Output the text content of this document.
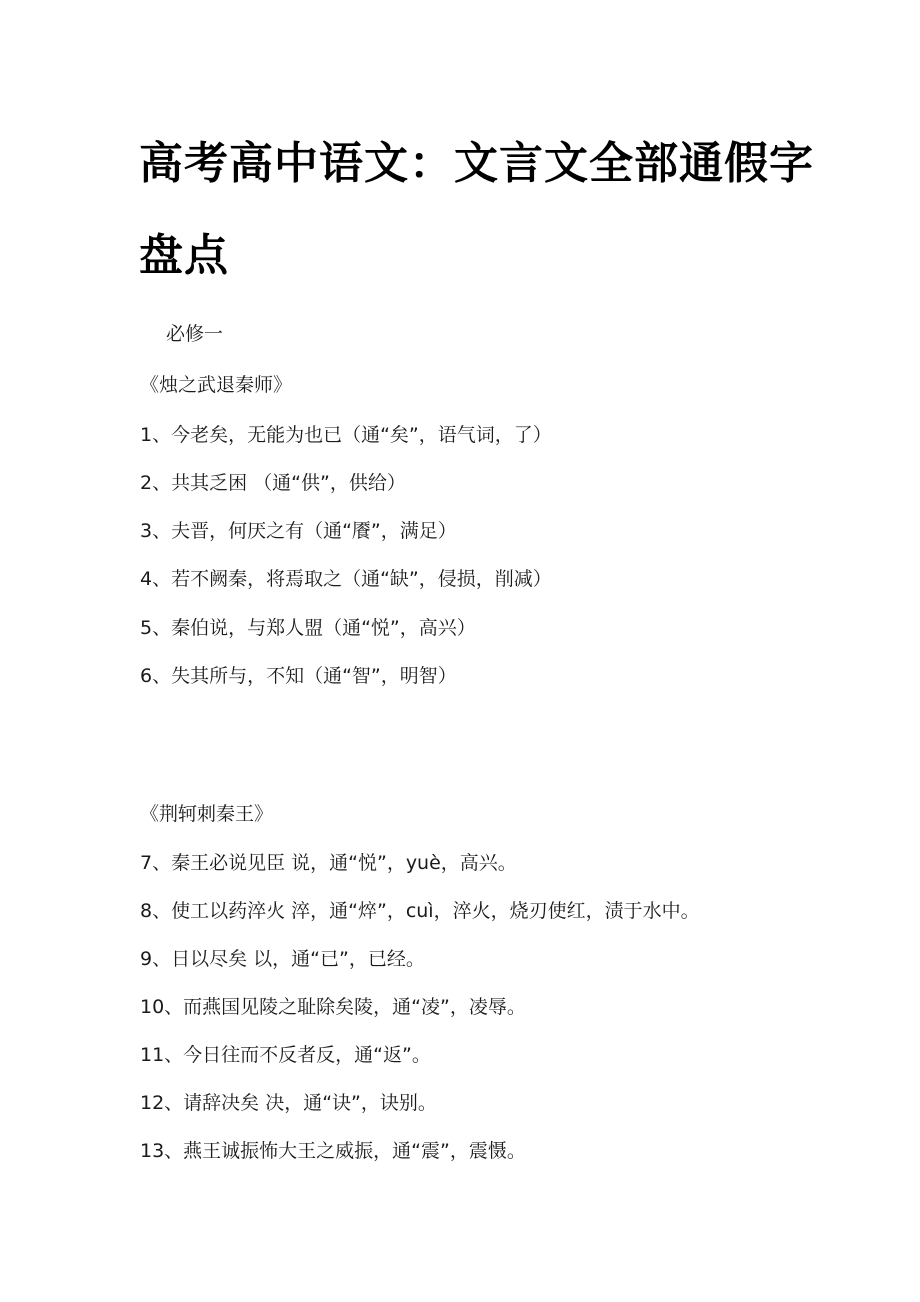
高考高中语文：文言文全部通假字
盘点
必修一
《烛之武退秦师》
1、今老矣，无能为也已（通“矣”，语气词，了）
2、共其乏困 （通“供”，供给）
3、夫晋，何厌之有（通“餍”，满足）
4、若不阙秦，将焉取之（通“缺”，侵损，削减）
5、秦伯说，与郑人盟（通“悦”，高兴）
6、失其所与，不知（通“智”，明智）
《荆轲刺秦王》
7、秦王必说见臣 说，通“悦”，yuè，高兴。
8、使工以药淬火 淬，通“焠”，cuì，淬火，烧刃使红，渍于水中。
9、日以尽矣 以，通“已”，已经。
10、而燕国见陵之耻除矣陵，通“凌”，凌辱。
11、今日往而不反者反，通“返”。
12、请辞决矣 决，通“诀”，诀别。
13、燕王诚振怖大王之威振，通“震”，震慑。
